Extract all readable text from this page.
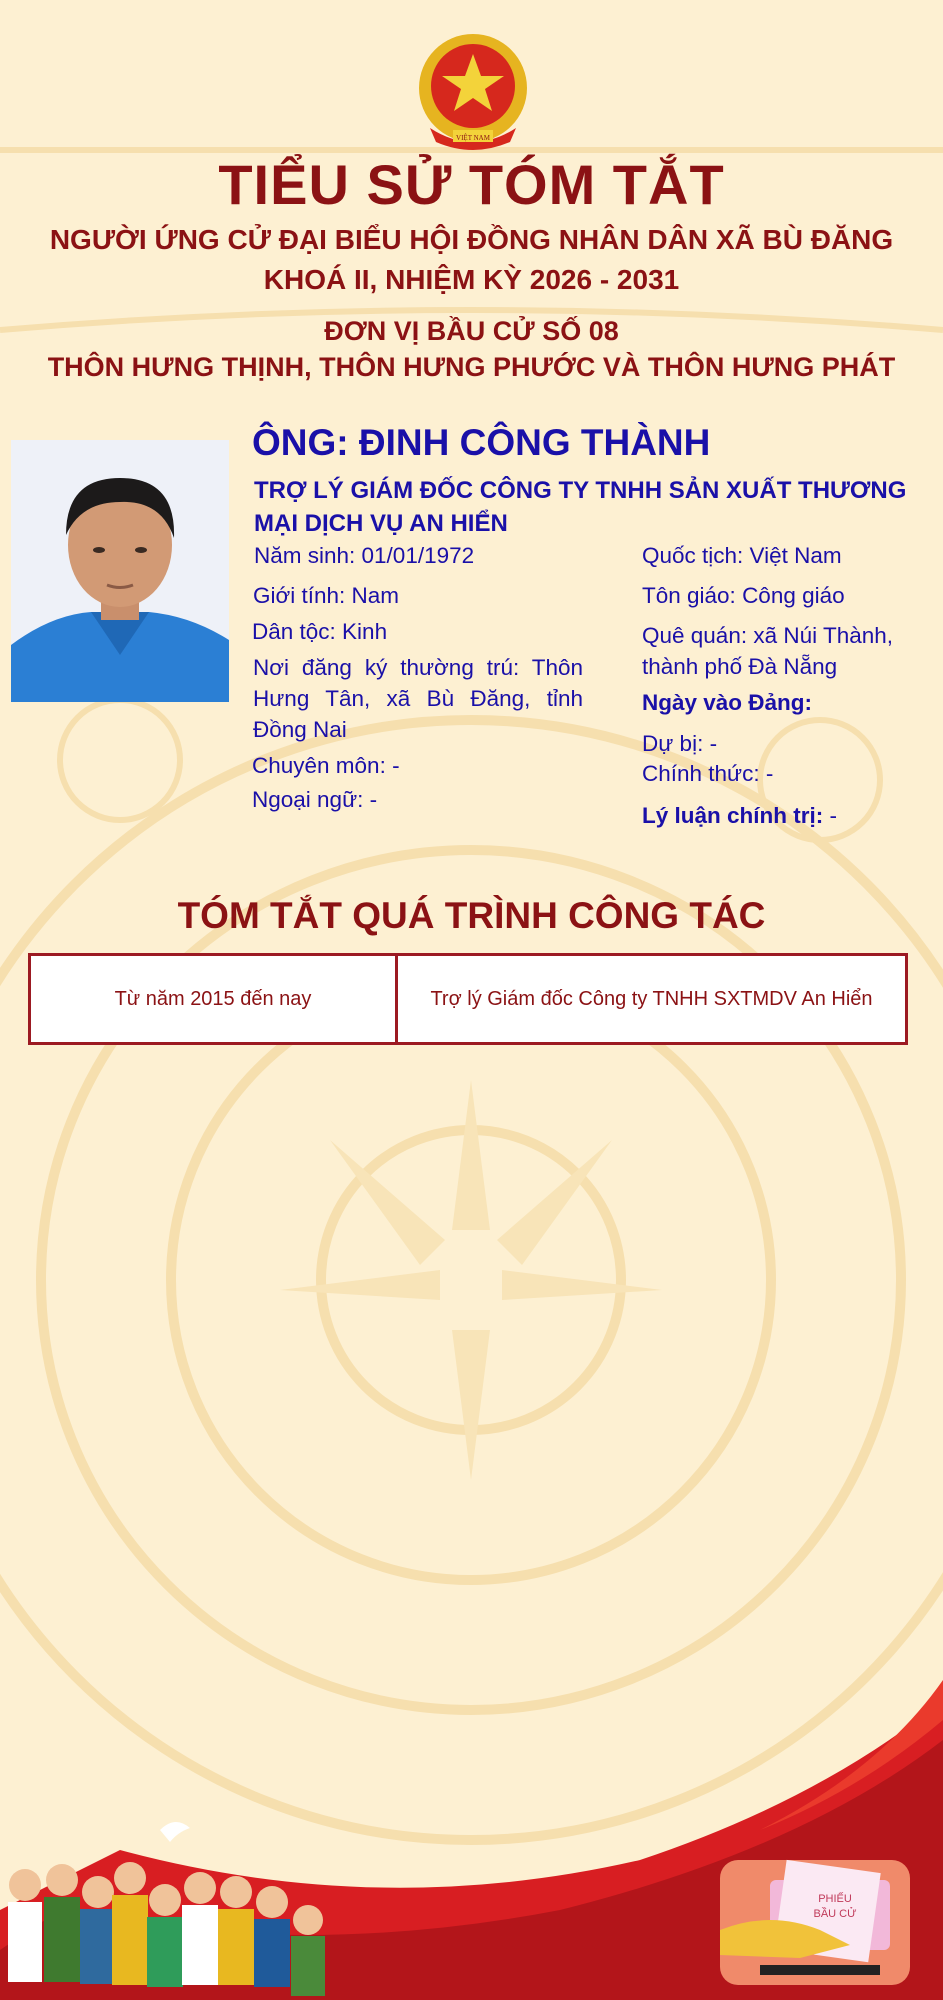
VIỆT NAM
TIỂU SỬ TÓM TẮT
NGƯỜI ỨNG CỬ ĐẠI BIỂU HỘI ĐỒNG NHÂN DÂN XÃ BÙ ĐĂNG
KHOÁ II, NHIỆM KỲ 2026 - 2031
ĐƠN VỊ BẦU CỬ SỐ 08
THÔN HƯNG THỊNH, THÔN HƯNG PHƯỚC VÀ THÔN HƯNG PHÁT
ÔNG: ĐINH CÔNG THÀNH
TRỢ LÝ GIÁM ĐỐC CÔNG TY TNHH SẢN XUẤT THƯƠNG MẠI DỊCH VỤ AN HIỂN
Năm sinh: 01/01/1972
Giới tính: Nam
Dân tộc: Kinh
Nơi đăng ký thường trú: Thôn Hưng Tân, xã Bù Đăng, tỉnh Đồng Nai
Chuyên môn: -
Ngoại ngữ: -
Quốc tịch: Việt Nam
Tôn giáo: Công giáo
Quê quán: xã Núi Thành, thành phố Đà Nẵng
Ngày vào Đảng:
Dự bị: -
Chính thức: -
Lý luận chính trị: -
TÓM TẮT QUÁ TRÌNH CÔNG TÁC
Từ năm 2015 đến nay	Trợ lý Giám đốc Công ty TNHH SXTMDV An Hiển
PHIẾU
BẦU CỬ
